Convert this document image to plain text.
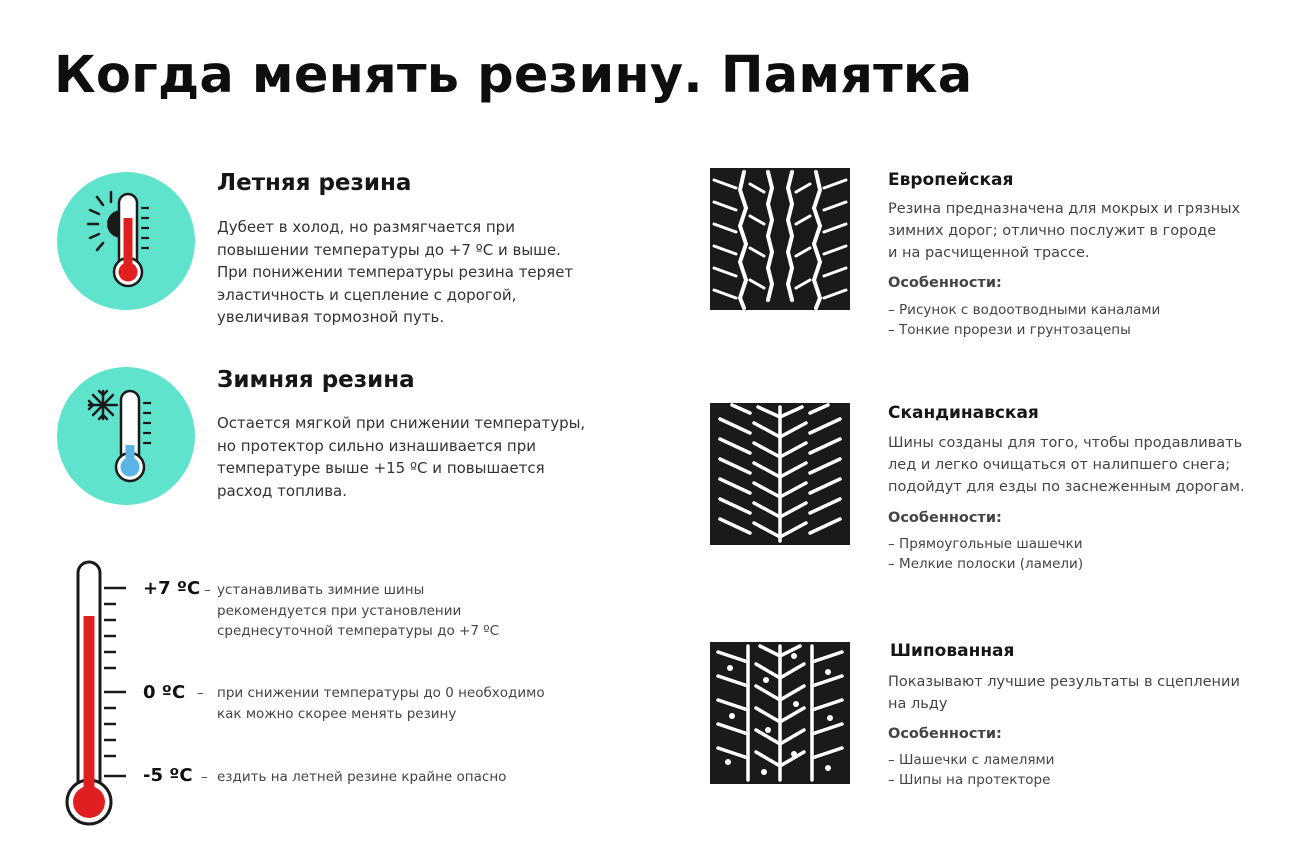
Когда менять резину. Памятка
Летняя резина
Дубеет в холод, но размягчается при
повышении температуры до +7 ºС и выше.
При понижении температуры резина теряет
эластичность и сцепление с дорогой,
увеличивая тормозной путь.
Зимняя резина
Остается мягкой при снижении температуры,
но протектор сильно изнашивается при
температуре выше +15 ºС и повышается
расход топлива.
+7 ºС – устанавливать зимние шины
рекомендуется при установлении
среднесуточной температуры до +7 ºС
0 ºС – при снижении температуры до 0 необходимо
как можно скорее менять резину
-5 ºС – ездить на летней резине крайне опасно
Европейская
Резина предназначена для мокрых и грязных
зимних дорог; отлично послужит в городе
и на расчищенной трассе.
Особенности:
– Рисунок с водоотводными каналами
– Тонкие прорези и грунтозацепы
Скандинавская
Шины созданы для того, чтобы продавливать
лед и легко очищаться от налипшего снега;
подойдут для езды по заснеженным дорогам.
Особенности:
– Прямоугольные шашечки
– Мелкие полоски (ламели)
Шипованная
Показывают лучшие результаты в сцеплении
на льду
Особенности:
– Шашечки с ламелями
– Шипы на протекторе
